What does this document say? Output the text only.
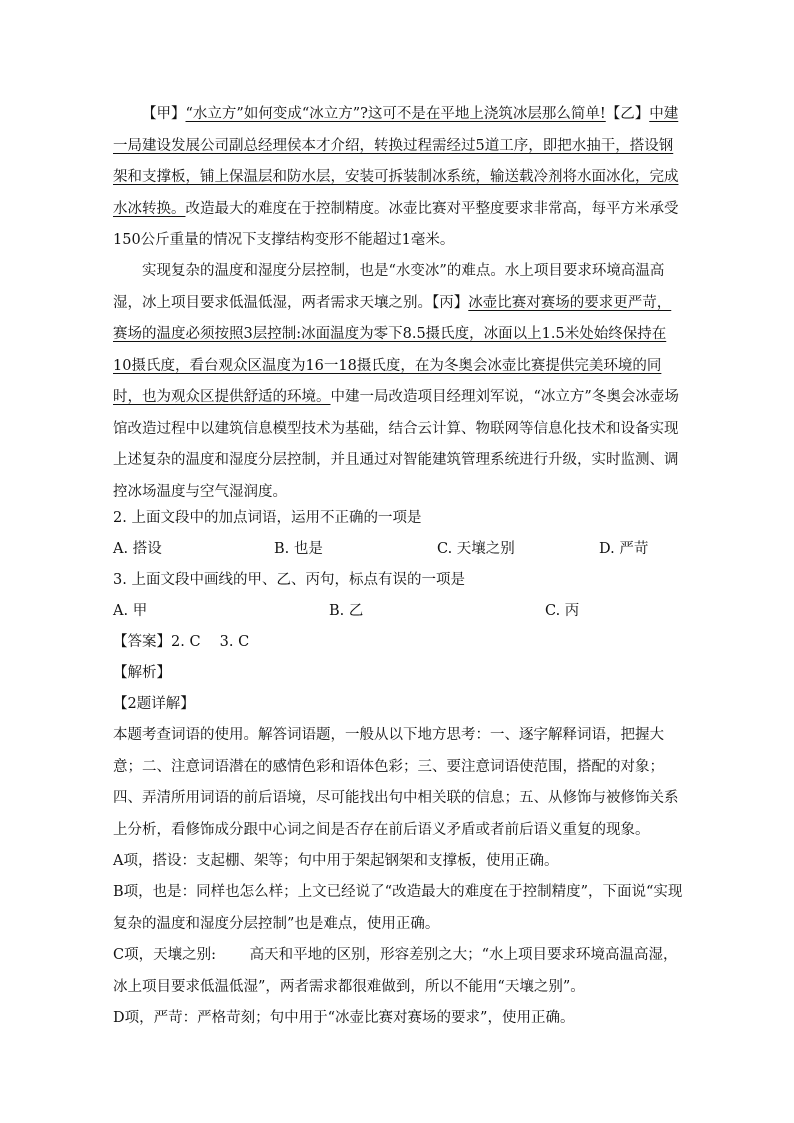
【甲】“水立方”如何变成“冰立方”?这可不是在平地上浇筑冰层那么简单!【乙】中建一局建设发展公司副总经理侯本才介绍，转换过程需经过5道工序，即把水抽干，搭设钢架和支撑板，铺上保温层和防水层，安装可拆装制冰系统，输送载冷剂将水面冰化，完成水冰转换。改造最大的难度在于控制精度。冰壶比赛对平整度要求非常高，每平方米承受150公斤重量的情况下支撑结构变形不能超过1毫米。

实现复杂的温度和湿度分层控制，也是“水变冰”的难点。水上项目要求环境高温高湿，冰上项目要求低温低湿，两者需求天壤之别。【丙】冰壶比赛对赛场的要求更严苛，赛场的温度必须按照3层控制:冰面温度为零下8.5摄氏度，冰面以上1.5米处始终保持在10摄氏度，看台观众区温度为16一18摄氏度，在为冬奥会冰壶比赛提供完美环境的同时，也为观众区提供舒适的环境。中建一局改造项目经理刘军说，“冰立方”冬奥会冰壶场馆改造过程中以建筑信息模型技术为基础，结合云计算、物联网等信息化技术和设备实现上述复杂的温度和湿度分层控制，并且通过对智能建筑管理系统进行升级，实时监测、调控冰场温度与空气湿润度。

2. 上面文段中的加点词语，运用不正确的一项是
A. 搭设	B. 也是	C. 天壤之别	D. 严苛
3. 上面文段中画线的甲、乙、丙句，标点有误的一项是
A. 甲	B. 乙	C. 丙
【答案】2. C　 3. C
【解析】
【2题详解】

本题考查词语的使用。解答词语题，一般从以下地方思考：一、逐字解释词语，把握大意；二、注意词语潜在的感情色彩和语体色彩；三、要注意词语使范围，搭配的对象；四、弄清所用词语的前后语境，尽可能找出句中相关联的信息；五、从修饰与被修饰关系上分析，看修饰成分跟中心词之间是否存在前后语义矛盾或者前后语义重复的现象。

A项，搭设：支起棚、架等；句中用于架起钢架和支撑板，使用正确。

B项，也是：同样也怎么样；上文已经说了“改造最大的难度在于控制精度”，下面说“实现复杂的温度和湿度分层控制”也是难点，使用正确。

C项，天壤之别:　　 高天和平地的区别，形容差别之大；“水上项目要求环境高温高湿，冰上项目要求低温低湿”，两者需求都很难做到，所以不能用“天壤之别”。

D项，严苛：严格苛刻；句中用于“冰壶比赛对赛场的要求”，使用正确。
